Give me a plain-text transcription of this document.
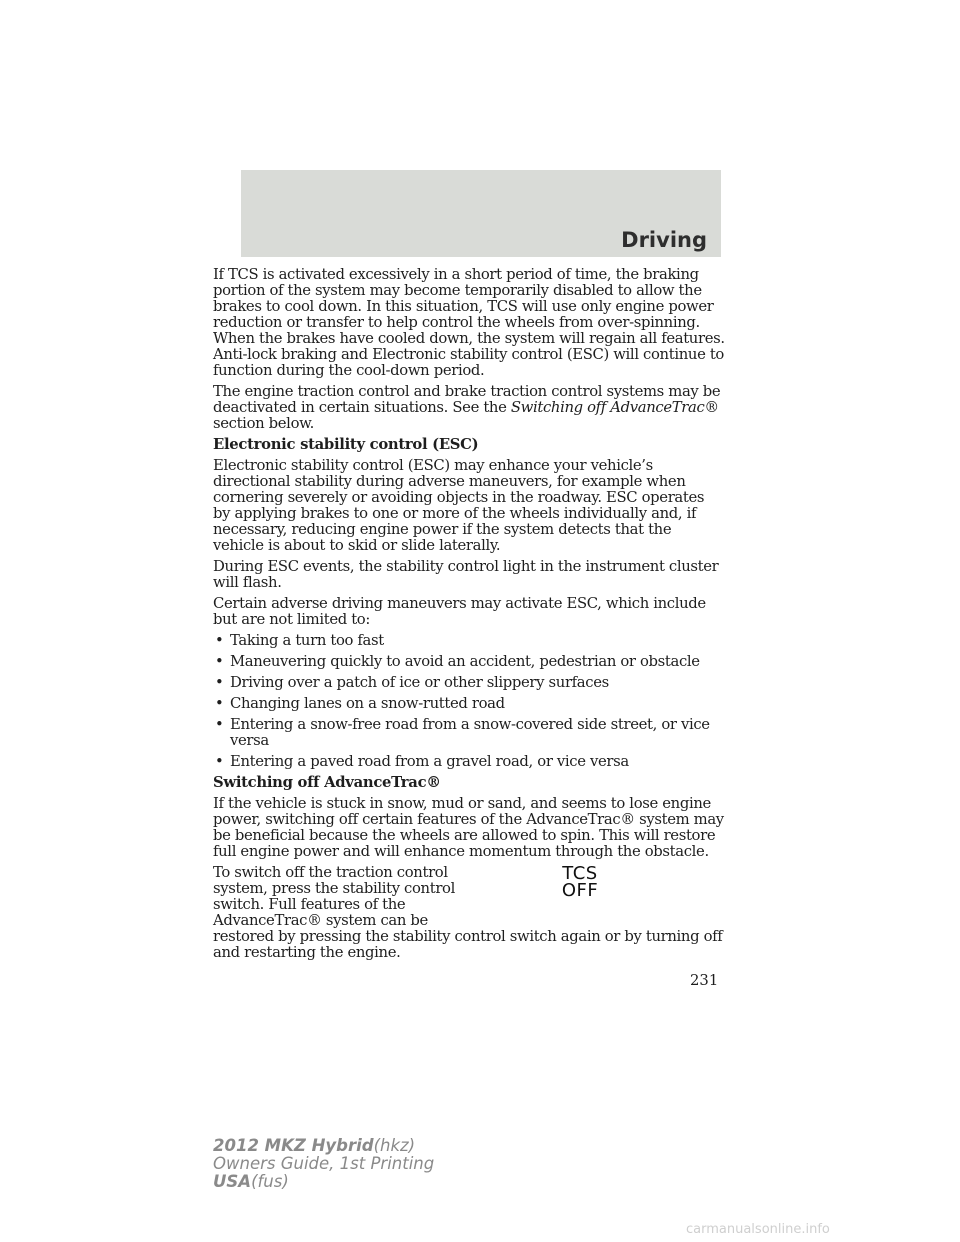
Driving

If TCS is activated excessively in a short period of time, the braking portion of the system may become temporarily disabled to allow the brakes to cool down. In this situation, TCS will use only engine power reduction or transfer to help control the wheels from over-spinning. When the brakes have cooled down, the system will regain all features. Anti-lock braking and Electronic stability control (ESC) will continue to function during the cool-down period.

The engine traction control and brake traction control systems may be deactivated in certain situations. See the Switching off AdvanceTrac® section below.

Electronic stability control (ESC)

Electronic stability control (ESC) may enhance your vehicle’s directional stability during adverse maneuvers, for example when cornering severely or avoiding objects in the roadway. ESC operates by applying brakes to one or more of the wheels individually and, if necessary, reducing engine power if the system detects that the vehicle is about to skid or slide laterally.

During ESC events, the stability control light in the instrument cluster will flash.

Certain adverse driving maneuvers may activate ESC, which include but are not limited to:

• Taking a turn too fast
• Maneuvering quickly to avoid an accident, pedestrian or obstacle
• Driving over a patch of ice or other slippery surfaces
• Changing lanes on a snow-rutted road
• Entering a snow-free road from a snow-covered side street, or vice versa
• Entering a paved road from a gravel road, or vice versa
Switching off AdvanceTrac®

If the vehicle is stuck in snow, mud or sand, and seems to lose engine power, switching off certain features of the AdvanceTrac® system may be beneficial because the wheels are allowed to spin. This will restore full engine power and will enhance momentum through the obstacle.

To switch off the traction control system, press the stability control switch. Full features of the AdvanceTrac® system can be

TCS
OFF

restored by pressing the stability control switch again or by turning off and restarting the engine.

231
2012 MKZ Hybrid(hkz)
Owners Guide, 1st Printing
USA(fus)
carmanualsonline.info
